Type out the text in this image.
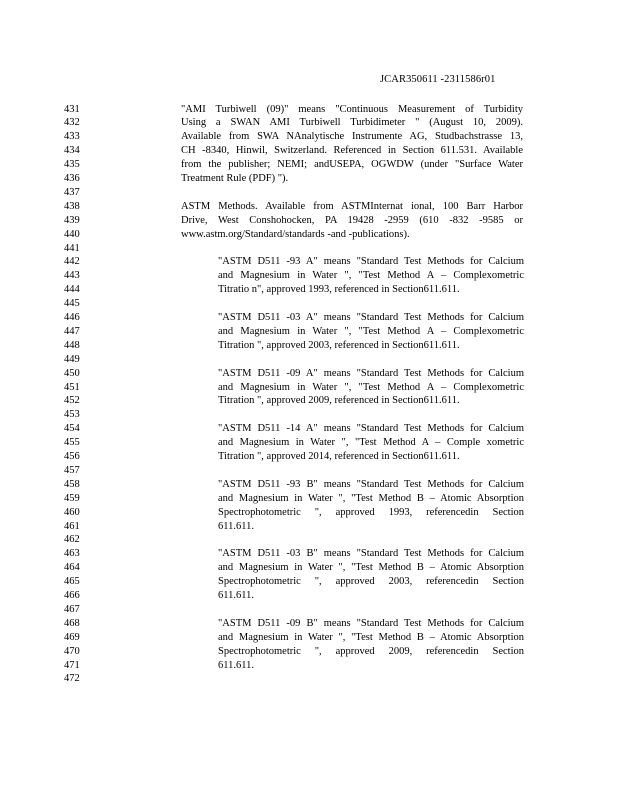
JCAR350611 -2311586r01
431
432
433
434
435
436
437
438
439
440
441
442
443
444
445
446
447
448
449
450
451
452
453
454
455
456
457
458
459
460
461
462
463
464
465
466
467
468
469
470
471
472
"AMI Turbiwell (09)" means "Continuous Measurement of Turbidity
Using a SWAN AMI Turbiwell Turbidimeter " (August 10, 2009).
Available from SWA NAnalytische Instrumente AG, Studbachstrasse 13,
CH -8340, Hinwil, Switzerland. Referenced in Section 611.531. Available
from the publisher; NEMI; andUSEPA, OGWDW (under "Surface Water
Treatment Rule (PDF) ").
ASTM Methods. Available from ASTMInternat ional, 100 Barr Harbor
Drive, West Conshohocken, PA 19428 -2959 (610 -832 -9585 or
www.astm.org/Standard/standards -and -publications).
"ASTM D511 -93 A" means "Standard Test Methods for Calcium
and Magnesium in Water ", "Test Method A – Complexometric
Titratio n", approved 1993, referenced in Section611.611.
"ASTM D511 -03 A" means "Standard Test Methods for Calcium
and Magnesium in Water ", "Test Method A – Complexometric
Titration ", approved 2003, referenced in Section611.611.
"ASTM D511 -09 A" means "Standard Test Methods for Calcium
and Magnesium in Water ", "Test Method A – Complexometric
Titration ", approved 2009, referenced in Section611.611.
"ASTM D511 -14 A" means "Standard Test Methods for Calcium
and Magnesium in Water ", "Test Method A – Comple xometric
Titration ", approved 2014, referenced in Section611.611.
"ASTM D511 -93 B" means "Standard Test Methods for Calcium
and Magnesium in Water ", "Test Method B – Atomic Absorption
Spectrophotometric ", approved 1993, referencedin Section
611.611.
"ASTM D511 -03 B" means "Standard Test Methods for Calcium
and Magnesium in Water ", "Test Method B – Atomic Absorption
Spectrophotometric ", approved 2003, referencedin Section
611.611.
"ASTM D511 -09 B" means "Standard Test Methods for Calcium
and Magnesium in Water ", "Test Method B – Atomic Absorption
Spectrophotometric ", approved 2009, referencedin Section
611.611.
